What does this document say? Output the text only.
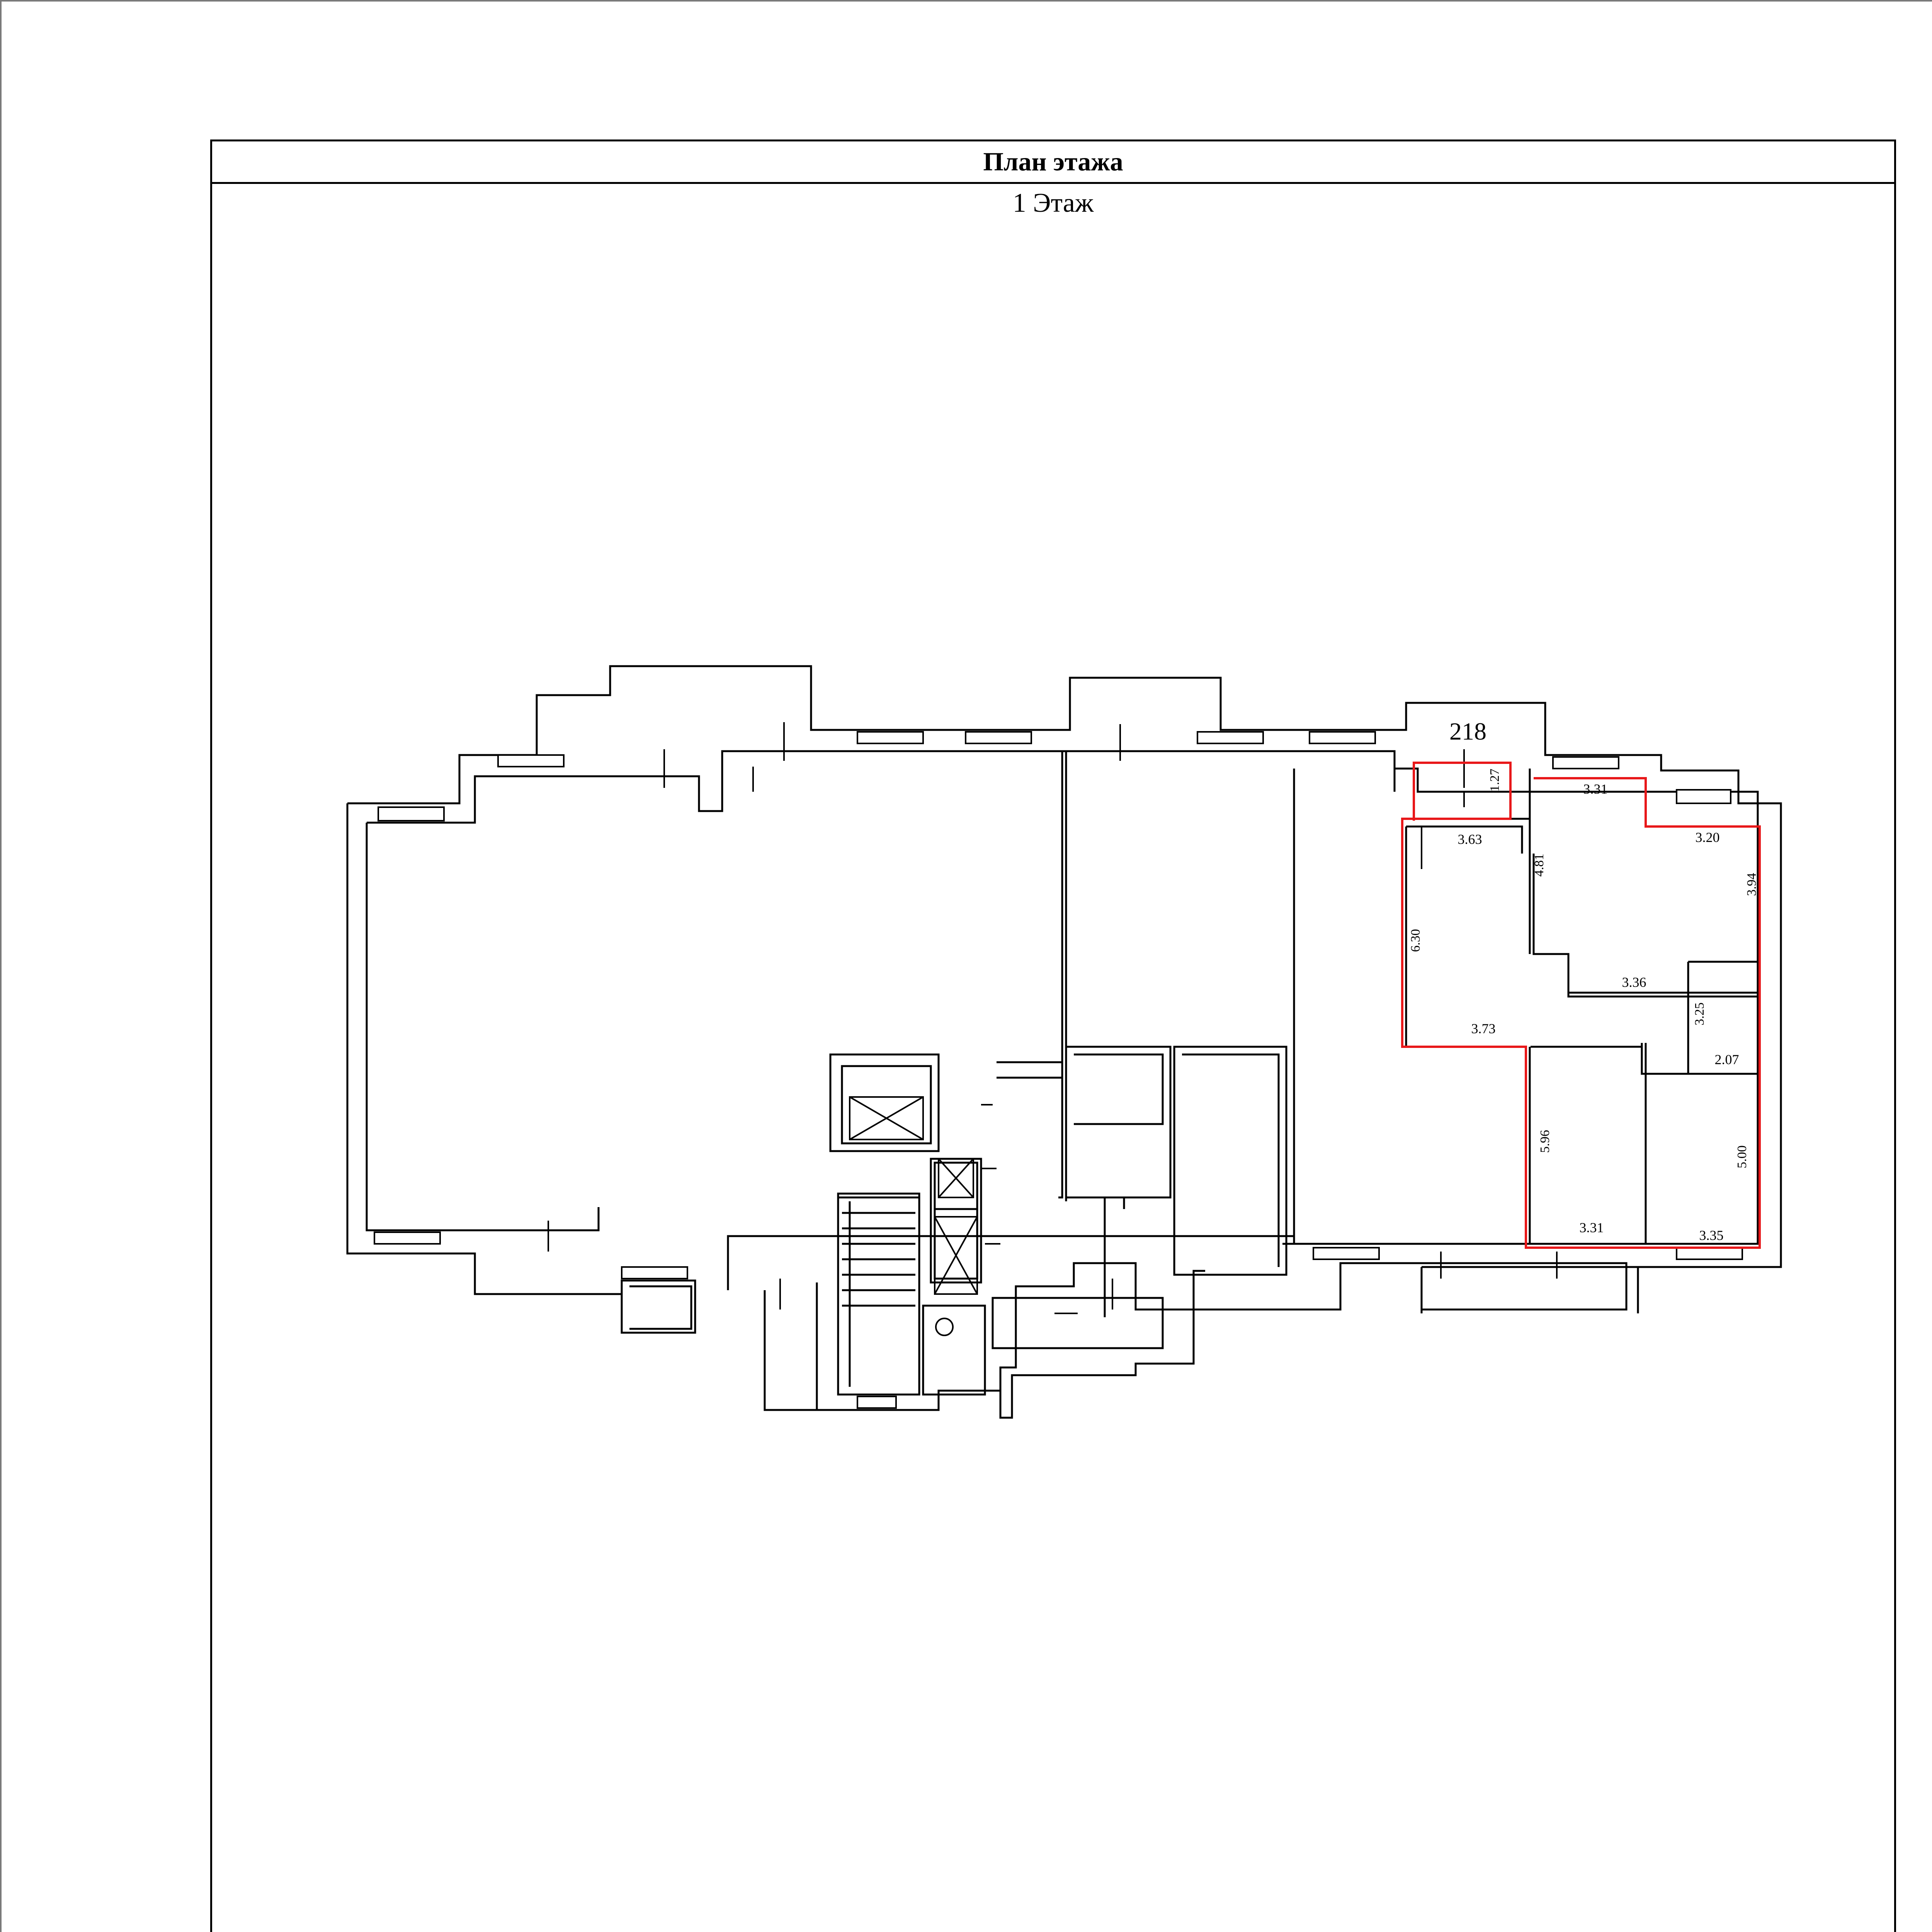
План этажа
1 Этаж
218
1.27	3.31
3.63	3.20
4.81
6.30
3.94
3.36
3.25
3.73
2.07
5.96
5.00
3.31	3.35
